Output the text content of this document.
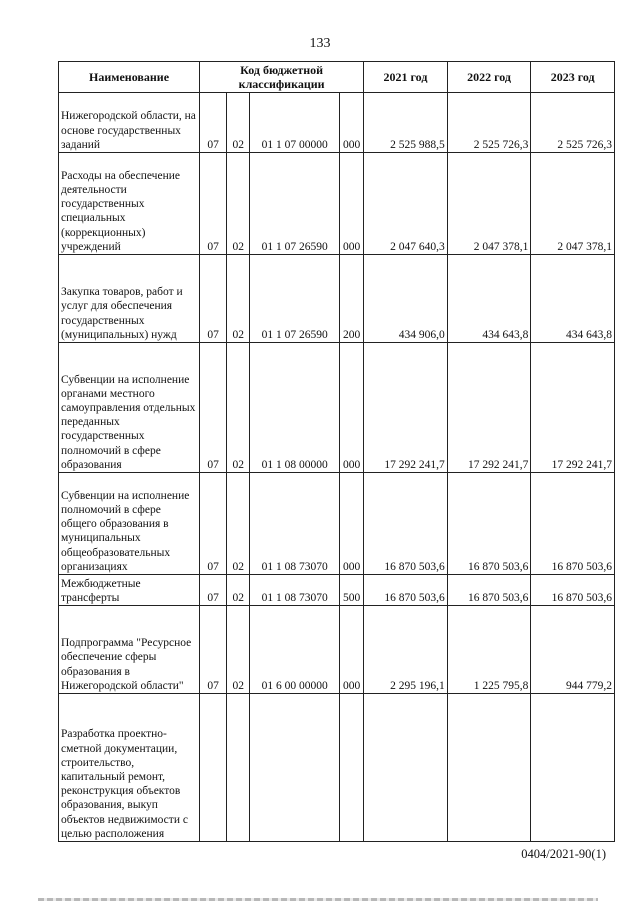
133
Наименование	Код бюджетной классификации				2021 год	2022 год	2023 год
Нижегородской области, на основе государственных заданий	07	02	01 1 07 00000	000	2 525 988,5	2 525 726,3	2 525 726,3
Расходы на обеспечение деятельности государственных специальных (коррекционных) учреждений	07	02	01 1 07 26590	000	2 047 640,3	2 047 378,1	2 047 378,1
Закупка товаров, работ и услуг для обеспечения государственных (муниципальных) нужд	07	02	01 1 07 26590	200	434 906,0	434 643,8	434 643,8
Субвенции на исполнение органами местного самоуправления отдельных переданных государственных полномочий в сфере образования	07	02	01 1 08 00000	000	17 292 241,7	17 292 241,7	17 292 241,7
Субвенции на исполнение полномочий в сфере общего образования в муниципальных общеобразовательных организациях	07	02	01 1 08 73070	000	16 870 503,6	16 870 503,6	16 870 503,6
Межбюджетные трансферты	07	02	01 1 08 73070	500	16 870 503,6	16 870 503,6	16 870 503,6
Подпрограмма "Ресурсное обеспечение сферы образования в Нижегородской области"	07	02	01 6 00 00000	000	2 295 196,1	1 225 795,8	944 779,2
Разработка проектно-сметной документации, строительство, капитальный ремонт, реконструкция объектов образования, выкуп объектов недвижимости с целью расположения							
0404/2021-90(1)
